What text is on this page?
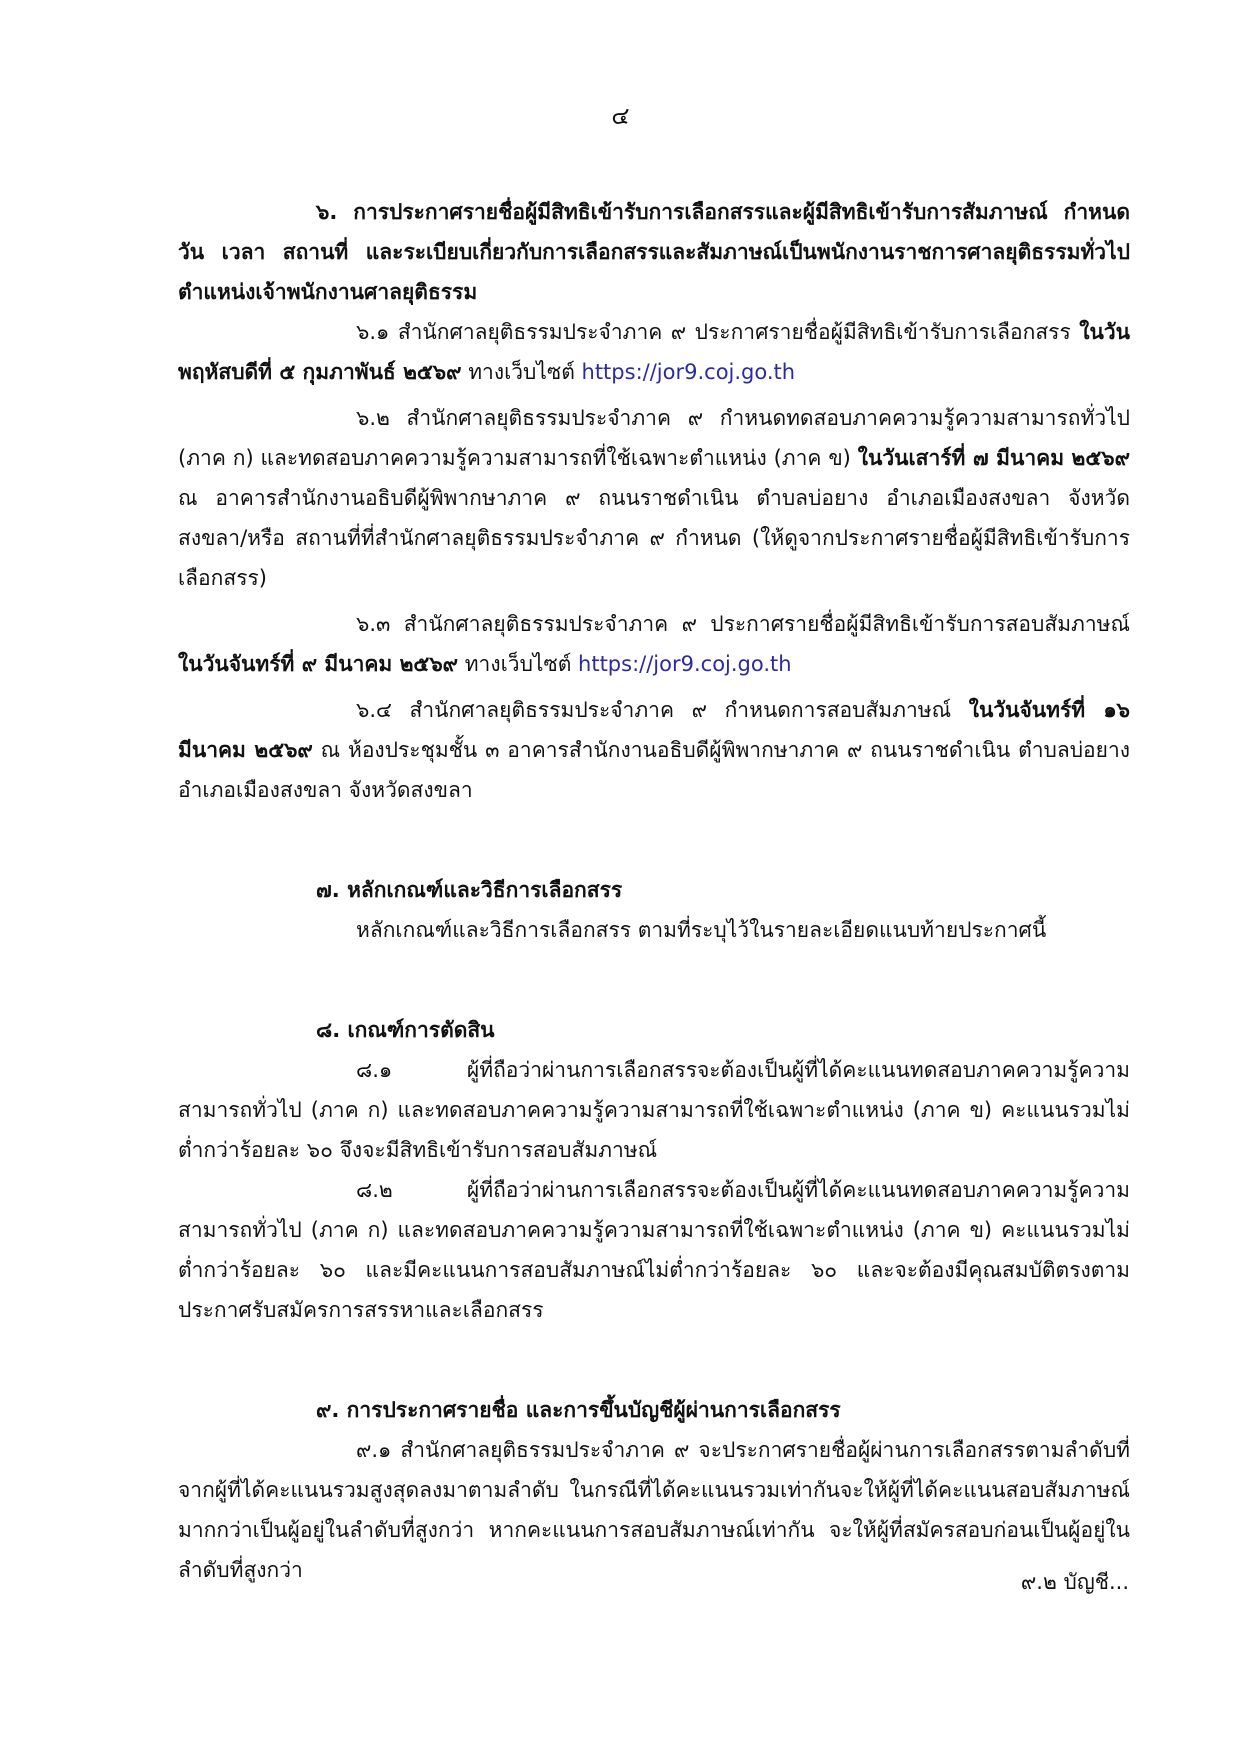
๔

๖. การประกาศรายชื่อผู้มีสิทธิเข้ารับการเลือกสรรและผู้มีสิทธิเข้ารับการสัมภาษณ์ กำหนดวัน เวลา สถานที่ และระเบียบเกี่ยวกับการเลือกสรรและสัมภาษณ์เป็นพนักงานราชการศาลยุติธรรมทั่วไป ตำแหน่งเจ้าพนักงานศาลยุติธรรม

๖.๑ สำนักศาลยุติธรรมประจำภาค ๙ ประกาศรายชื่อผู้มีสิทธิเข้ารับการเลือกสรร ในวันพฤหัสบดีที่ ๕ กุมภาพันธ์ ๒๕๖๙ ทางเว็บไซต์ https://jor9.coj.go.th

๖.๒ สำนักศาลยุติธรรมประจำภาค ๙ กำหนดทดสอบภาคความรู้ความสามารถทั่วไป (ภาค ก) และทดสอบภาคความรู้ความสามารถที่ใช้เฉพาะตำแหน่ง (ภาค ข) ในวันเสาร์ที่ ๗ มีนาคม ๒๕๖๙ ณ อาคารสำนักงานอธิบดีผู้พิพากษาภาค ๙ ถนนราชดำเนิน ตำบลบ่อยาง อำเภอเมืองสงขลา จังหวัดสงขลา/หรือ สถานที่ที่สำนักศาลยุติธรรมประจำภาค ๙ กำหนด (ให้ดูจากประกาศรายชื่อผู้มีสิทธิเข้ารับการเลือกสรร)

๖.๓ สำนักศาลยุติธรรมประจำภาค ๙ ประกาศรายชื่อผู้มีสิทธิเข้ารับการสอบสัมภาษณ์ ในวันจันทร์ที่ ๙ มีนาคม ๒๕๖๙ ทางเว็บไซต์ https://jor9.coj.go.th

๖.๔ สำนักศาลยุติธรรมประจำภาค ๙ กำหนดการสอบสัมภาษณ์ ในวันจันทร์ที่ ๑๖ มีนาคม ๒๕๖๙ ณ ห้องประชุมชั้น ๓ อาคารสำนักงานอธิบดีผู้พิพากษาภาค ๙ ถนนราชดำเนิน ตำบลบ่อยาง อำเภอเมืองสงขลา จังหวัดสงขลา

๗. หลักเกณฑ์และวิธีการเลือกสรร

หลักเกณฑ์และวิธีการเลือกสรร ตามที่ระบุไว้ในรายละเอียดแนบท้ายประกาศนี้

๘. เกณฑ์การตัดสิน

๘.๑ ผู้ที่ถือว่าผ่านการเลือกสรรจะต้องเป็นผู้ที่ได้คะแนนทดสอบภาคความรู้ความสามารถทั่วไป (ภาค ก) และทดสอบภาคความรู้ความสามารถที่ใช้เฉพาะตำแหน่ง (ภาค ข) คะแนนรวมไม่ต่ำกว่าร้อยละ ๖๐ จึงจะมีสิทธิเข้ารับการสอบสัมภาษณ์

๘.๒ ผู้ที่ถือว่าผ่านการเลือกสรรจะต้องเป็นผู้ที่ได้คะแนนทดสอบภาคความรู้ความสามารถทั่วไป (ภาค ก) และทดสอบภาคความรู้ความสามารถที่ใช้เฉพาะตำแหน่ง (ภาค ข) คะแนนรวมไม่ต่ำกว่าร้อยละ ๖๐ และมีคะแนนการสอบสัมภาษณ์ไม่ต่ำกว่าร้อยละ ๖๐ และจะต้องมีคุณสมบัติตรงตามประกาศรับสมัครการสรรหาและเลือกสรร

๙. การประกาศรายชื่อ และการขึ้นบัญชีผู้ผ่านการเลือกสรร

๙.๑ สำนักศาลยุติธรรมประจำภาค ๙ จะประกาศรายชื่อผู้ผ่านการเลือกสรรตามลำดับที่จากผู้ที่ได้คะแนนรวมสูงสุดลงมาตามลำดับ ในกรณีที่ได้คะแนนรวมเท่ากันจะให้ผู้ที่ได้คะแนนสอบสัมภาษณ์มากกว่าเป็นผู้อยู่ในลำดับที่สูงกว่า หากคะแนนการสอบสัมภาษณ์เท่ากัน จะให้ผู้ที่สมัครสอบก่อนเป็นผู้อยู่ในลำดับที่สูงกว่า	๙.๒ บัญชี...
